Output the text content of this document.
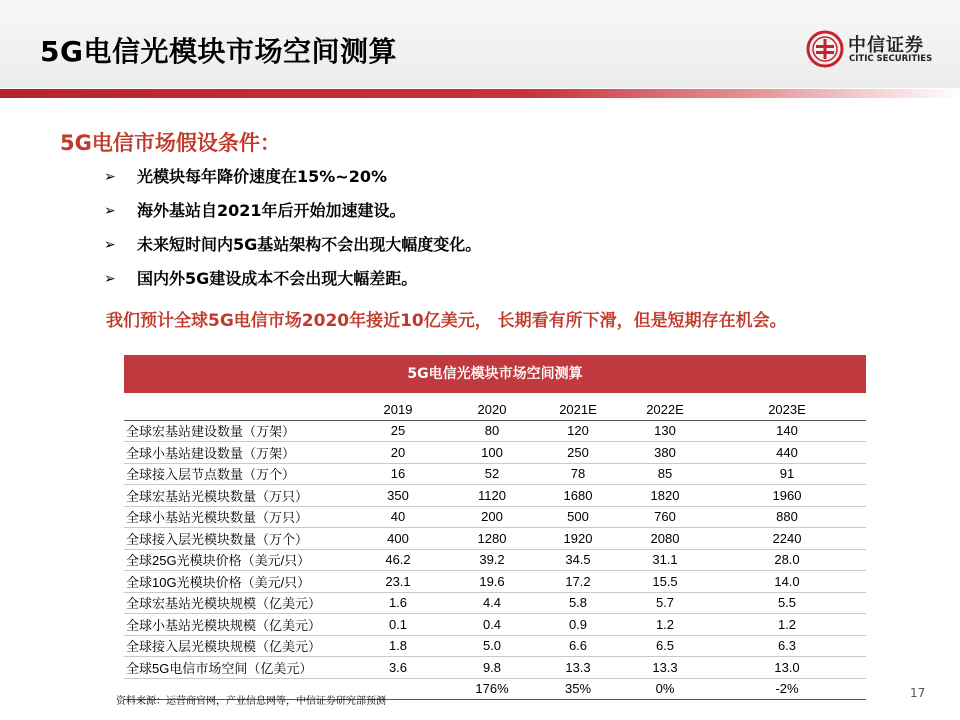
5G电信光模块市场空间测算	中信证券
CITIC SECURITIES
5G电信市场假设条件：
➢	光模块每年降价速度在15%~20%
➢	海外基站自2021年后开始加速建设。
➢	未来短时间内5G基站架构不会出现大幅度变化。
➢	国内外5G建设成本不会出现大幅差距。
我们预计全球5G电信市场2020年接近10亿美元， 长期看有所下滑，但是短期存在机会。
5G电信光模块市场空间测算
	2019	2020	2021E	2022E	2023E
全球宏基站建设数量（万架）	25	80	120	130	140
全球小基站建设数量（万架）	20	100	250	380	440
全球接入层节点数量（万个）	16	52	78	85	91
全球宏基站光模块数量（万只）	350	1120	1680	1820	1960
全球小基站光模块数量（万只）	40	200	500	760	880
全球接入层光模块数量（万个）	400	1280	1920	2080	2240
全球25G光模块价格（美元/只）	46.2	39.2	34.5	31.1	28.0
全球10G光模块价格（美元/只）	23.1	19.6	17.2	15.5	14.0
全球宏基站光模块规模（亿美元）	1.6	4.4	5.8	5.7	5.5
全球小基站光模块规模（亿美元）	0.1	0.4	0.9	1.2	1.2
全球接入层光模块规模（亿美元）	1.8	5.0	6.6	6.5	6.3
全球5G电信市场空间（亿美元）	3.6	9.8	13.3	13.3	13.0
		176%	35%	0%	-2%
资料来源：运营商官网，产业信息网等，中信证券研究部预测
17
